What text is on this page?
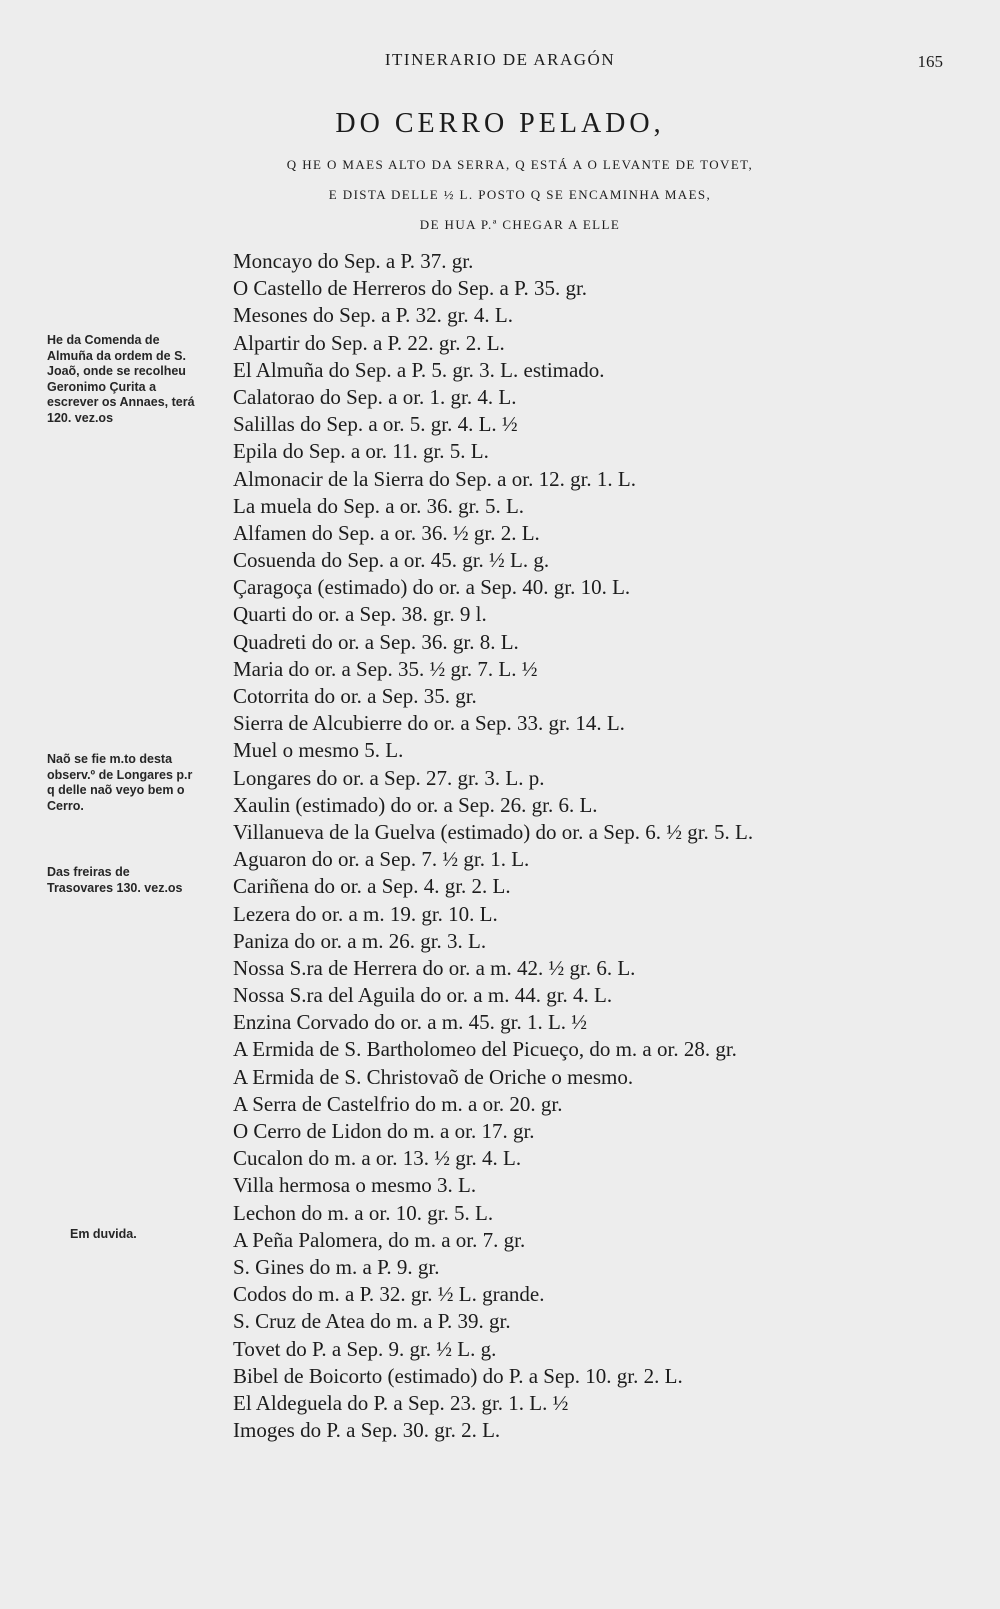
ITINERARIO DE ARAGÓN	165
DO CERRO PELADO,
Q HE O MAES ALTO DA SERRA, Q ESTÁ A O LEVANTE DE TOVET,
E DISTA DELLE ½ L. POSTO Q SE ENCAMINHA MAES,
DE HUA P.ª CHEGAR A ELLE
Moncayo do Sep. a P. 37. gr.
O Castello de Herreros do Sep. a P. 35. gr.
Mesones do Sep. a P. 32. gr. 4. L.
Alpartir do Sep. a P. 22. gr. 2. L.
El Almuña do Sep. a P. 5. gr. 3. L. estimado.
Calatorao do Sep. a or. 1. gr. 4. L.
Salillas do Sep. a or. 5. gr. 4. L. ½
Epila do Sep. a or. 11. gr. 5. L.
Almonacir de la Sierra do Sep. a or. 12. gr. 1. L.
La muela do Sep. a or. 36. gr. 5. L.
Alfamen do Sep. a or. 36. ½ gr. 2. L.
Cosuenda do Sep. a or. 45. gr. ½ L. g.
Çaragoça (estimado) do or. a Sep. 40. gr. 10. L.
Quarti do or. a Sep. 38. gr. 9 l.
Quadreti do or. a Sep. 36. gr. 8. L.
Maria do or. a Sep. 35. ½ gr. 7. L. ½
Cotorrita do or. a Sep. 35. gr.
Sierra de Alcubierre do or. a Sep. 33. gr. 14. L.
Muel o mesmo 5. L.
Longares do or. a Sep. 27. gr. 3. L. p.
Xaulin (estimado) do or. a Sep. 26. gr. 6. L.
Villanueva de la Guelva (estimado) do or. a Sep. 6. ½ gr. 5. L.
Aguaron do or. a Sep. 7. ½ gr. 1. L.
Cariñena do or. a Sep. 4. gr. 2. L.
Lezera do or. a m. 19. gr. 10. L.
Paniza do or. a m. 26. gr. 3. L.
Nossa S.ra de Herrera do or. a m. 42. ½ gr. 6. L.
Nossa S.ra del Aguila do or. a m. 44. gr. 4. L.
Enzina Corvado do or. a m. 45. gr. 1. L. ½
A Ermida de S. Bartholomeo del Picueço, do m. a or. 28. gr.
A Ermida de S. Christovaõ de Oriche o mesmo.
A Serra de Castelfrio do m. a or. 20. gr.
O Cerro de Lidon do m. a or. 17. gr.
Cucalon do m. a or. 13. ½ gr. 4. L.
Villa hermosa o mesmo 3. L.
Lechon do m. a or. 10. gr. 5. L.
A Peña Palomera, do m. a or. 7. gr.
S. Gines do m. a P. 9. gr.
Codos do m. a P. 32. gr. ½ L. grande.
S. Cruz de Atea do m. a P. 39. gr.
Tovet do P. a Sep. 9. gr. ½ L. g.
Bibel de Boicorto (estimado) do P. a Sep. 10. gr. 2. L.
El Aldeguela do P. a Sep. 23. gr. 1. L. ½
Imoges do P. a Sep. 30. gr. 2. L.
He da Comenda de Almuña da ordem de S. Joaõ, onde se recolheu Geronimo Çurita a escrever os Annaes, terá 120. vez.os
Naõ se fie m.to desta observ.º de Longares p.r q delle naõ veyo bem o Cerro.
Das freiras de Trasovares 130. vez.os
Em duvida.
